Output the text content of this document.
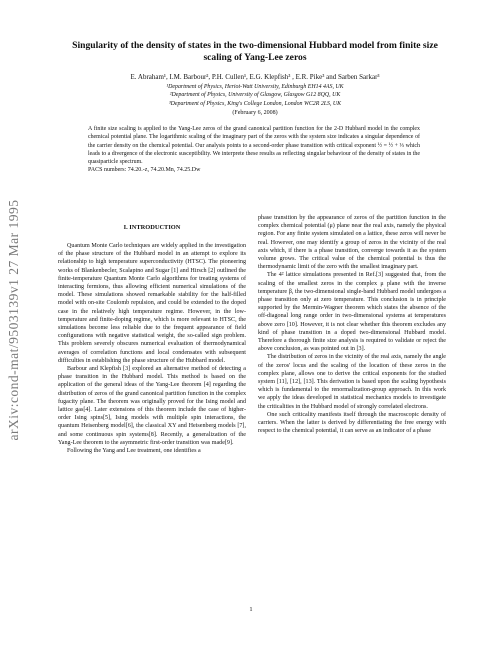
arXiv:cond-mat/9503139v1 27 Mar 1995
Singularity of the density of states in the two-dimensional Hubbard model from finite size scaling of Yang-Lee zeros
E. Abraham¹, I.M. Barbour², P.H. Cullen¹, E.G. Klepfish³ , E.R. Pike³ and Sarben Sarkar³
¹Department of Physics, Heriot-Watt University, Edinburgh EH14 4AS, UK
²Department of Physics, University of Glasgow, Glasgow G12 8QQ, UK
³Department of Physics, King's College London, London WC2R 2LS, UK
(February 6, 2008)
A finite size scaling is applied to the Yang-Lee zeros of the grand canonical partition function for the 2-D Hubbard model in the complex chemical potential plane. The logarithmic scaling of the imaginary part of the zeros with the system size indicates a singular dependence of the carrier density on the chemical potential. Our analysis points to a second-order phase transition with critical exponent ½ = ½ + ⅓ which leads to a divergence of the electronic susceptibility. We interprete these results as reflecting singular behaviour of the density of states in the quasiparticle spectrum.
PACS numbers: 74.20.-z, 74.20.Mn, 74.25.Dw
I. INTRODUCTION

Quantum Monte Carlo techniques are widely applied in the investigation of the phase structure of the Hubbard model in an attempt to explore its relationship to high temperature superconductivity (HTSC). The pioneering works of Blankenbecler, Scalapino and Sugar [1] and Hirsch [2] outlined the finite-temperature Quantum Monte Carlo algorithms for treating systems of interacting fermions, thus allowing efficient numerical simulations of the model. These simulations showed remarkable stability for the half-filled model with on-site Coulomb repulsion, and could be extended to the doped case in the relatively high temperature regime. However, in the low-temperature and finite-doping regime, which is more relevant to HTSC, the simulations become less reliable due to the frequent appearance of field configurations with negative statistical weight, the so-called sign problem. This problem severely obscures numerical evaluation of thermodynamical averages of correlation functions and local condensates with subsequent difficulties in establishing the phase structure of the Hubbard model.

Barbour and Klepfish [3] explored an alternative method of detecting a phase transition in the Hubbard model. This method is based on the application of the general ideas of the Yang-Lee theorem [4] regarding the distribution of zeros of the grand canonical partition function in the complex fugacity plane. The theorem was originally proved for the Ising model and lattice gas[4]. Later extensions of this theorem include the case of higher-order Ising spins[5], Ising models with multiple spin interactions, the quantum Heisenberg model[6], the classical XY and Heisenberg models [7], and some continuous spin systems[8]. Recently, a generalization of the Yang-Lee theorem to the asymmetric first-order transition was made[9].

Following the Yang and Lee treatment, one identifies a

phase transition by the appearance of zeros of the partition function in the complex chemical potential (μ) plane near the real axis, namely the physical region. For any finite system simulated on a lattice, these zeros will never be real. However, one may identify a group of zeros in the vicinity of the real axis which, if there is a phase transition, converge towards it as the system volume grows. The critical value of the chemical potential is thus the thermodynamic limit of the zero with the smallest imaginary part.

The 4² lattice simulations presented in Ref.[3] suggested that, from the scaling of the smallest zeros in the complex μ plane with the inverse temperature β, the two-dimensional single-band Hubbard model undergoes a phase transition only at zero temperature. This conclusion is in principle supported by the Mermin-Wagner theorem which states the absence of the off-diagonal long range order in two-dimensional systems at temperatures above zero [10]. However, it is not clear whether this theorem excludes any kind of phase transition in a doped two-dimensional Hubbard model. Therefore a thorough finite size analysis is required to validate or reject the above conclusion, as was pointed out in [3].

The distribution of zeros in the vicinity of the real axis, namely the angle of the zeros' locus and the scaling of the location of these zeros in the complex plane, allows one to derive the critical exponents for the studied system [11], [12], [13]. This derivation is based upon the scaling hypothesis which is fundamental to the renormalization-group approach. In this work we apply the ideas developed in statistical mechanics models to investigate the criticalities in the Hubbard model of strongly correlated electrons.

One such criticality manifests itself through the macroscopic density of carriers. When the latter is derived by differentiating the free energy with respect to the chemical potential, it can serve as an indicator of a phase

1
